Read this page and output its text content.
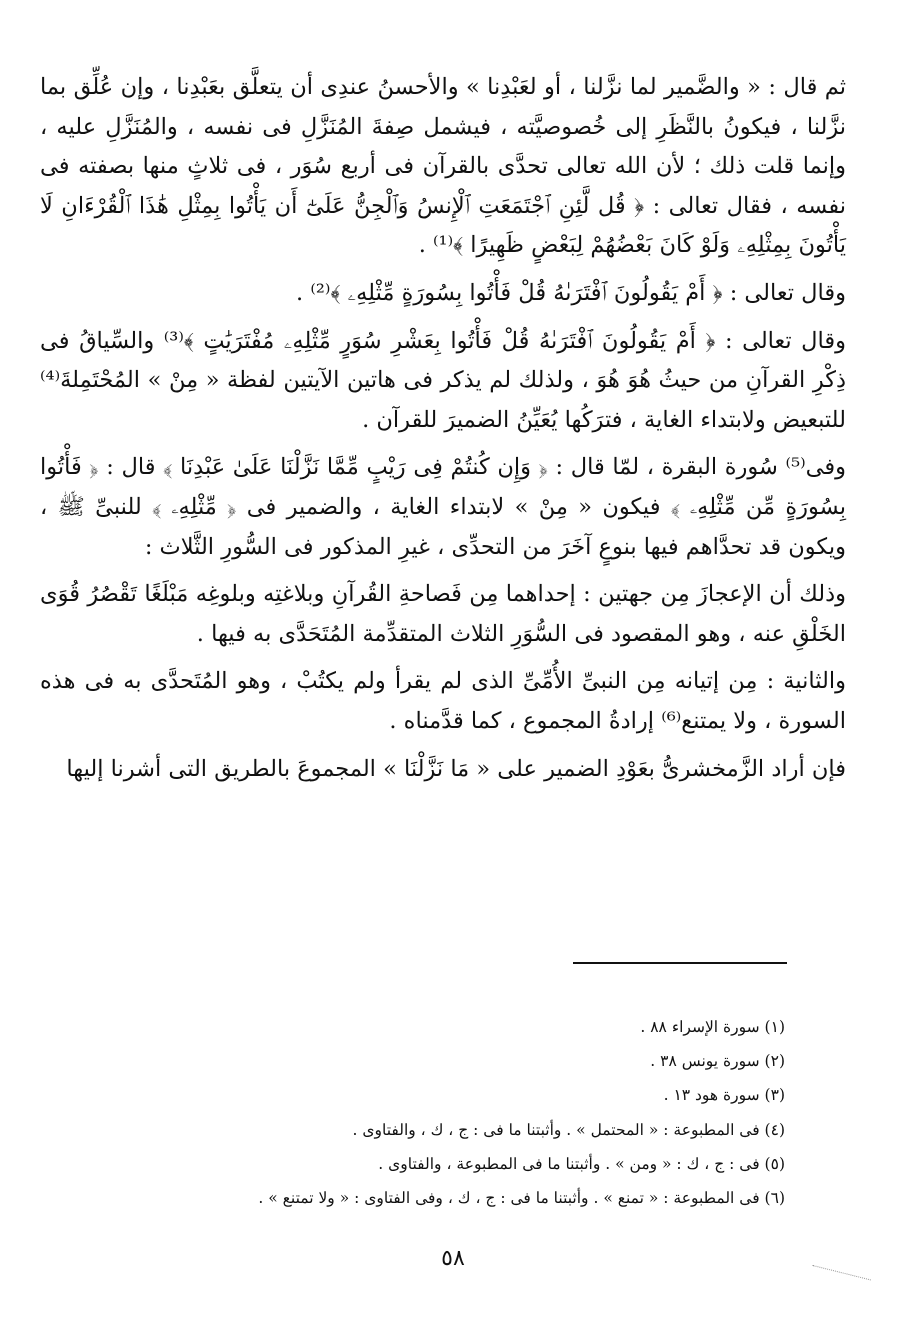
ثم قال : « والضَّمير لما نزَّلنا ، أو لعَبْدِنا » والأحسنُ عندِى أن يتعلَّق بعَبْدِنا ، وإن عُلِّق بما نزَّلنا ، فيكونُ بالنَّظَرِ إلى خُصوصيَّته ، فيشمل صِفةَ المُنَزَّلِ فى نفسه ، والمُنَزَّلِ عليه ، وإنما قلت ذلك ؛ لأن الله تعالى تحدَّى بالقرآن فى أربع سُوَر ، فى ثلاثٍ منها بصفته فى نفسه ، فقال تعالى : ﴿ قُل لَّئِنِ ٱجْتَمَعَتِ ٱلْإِنسُ وَٱلْجِنُّ عَلَىٰٓ أَن يَأْتُوا بِمِثْلِ هَٰذَا ٱلْقُرْءَانِ لَا يَأْتُونَ بِمِثْلِهِۦ وَلَوْ كَانَ بَعْضُهُمْ لِبَعْضٍ ظَهِيرًا ﴾⁽¹⁾ .

وقال تعالى : ﴿ أَمْ يَقُولُونَ ٱفْتَرَىٰهُ قُلْ فَأْتُوا بِسُورَةٍ مِّثْلِهِۦ ﴾⁽²⁾ .

وقال تعالى : ﴿ أَمْ يَقُولُونَ ٱفْتَرَىٰهُ قُلْ فَأْتُوا بِعَشْرِ سُوَرٍ مِّثْلِهِۦ مُفْتَرَيَٰتٍ ﴾⁽³⁾ والسِّياقُ فى ذِكْرِ القرآنِ من حيثُ هُوَ هُوَ ، ولذلك لم يذكر فى هاتين الآيتين لفظة « مِنْ » المُحْتَمِلةَ⁽⁴⁾ للتبعيض ولابتداء الغاية ، فترَكُها يُعَيِّنُ الضميرَ للقرآن .

وفى⁽⁵⁾ سُورة البقرة ، لمّا قال : ﴿ وَإِن كُنتُمْ فِى رَيْبٍ مِّمَّا نَزَّلْنَا عَلَىٰ عَبْدِنَا ﴾ قال : ﴿ فَأْتُوا بِسُورَةٍ مِّن مِّثْلِهِۦ ﴾ فيكون « مِنْ » لابتداء الغاية ، والضمير فى ﴿ مِّثْلِهِۦ ﴾ للنبىِّ ﷺ ، ويكون قد تحدَّاهم فيها بنوعٍ آخَرَ من التحدِّى ، غيرِ المذكور فى السُّورِ الثَّلاث :

وذلك أن الإعجازَ مِن جهتين : إحداهما مِن فَصاحةِ القُرآنِ وبلاغتِه وبلوغِه مَبْلَغًا تَقْصُرُ قُوَى الخَلْقِ عنه ، وهو المقصود فى السُّوَرِ الثلاث المتقدِّمة المُتَحَدَّى به فيها .

والثانية : مِن إتيانه مِن النبىِّ الأُمِّىِّ الذى لم يقرأ ولم يكتُبْ ، وهو المُتَحدَّى به فى هذه السورة ، ولا يمتنع⁽⁶⁾ إرادةُ المجموع ، كما قدَّمناه .

فإن أراد الزَّمخشرىُّ بعَوْدِ الضمير على « مَا نَزَّلْنَا » المجموعَ بالطريق التى أشرنا إليها

(١) سورة الإسراء ٨٨ .
(٢) سورة يونس ٣٨ .
(٣) سورة هود ١٣ .
(٤) فى المطبوعة : « المحتمل » . وأثبتنا ما فى : ج ، ك ، والفتاوى .
(٥) فى : ج ، ك : « ومن » . وأثبتنا ما فى المطبوعة ، والفتاوى .
(٦) فى المطبوعة : « تمنع » . وأثبتنا ما فى : ج ، ك ، وفى الفتاوى : « ولا تمتنع » .
٥٨
